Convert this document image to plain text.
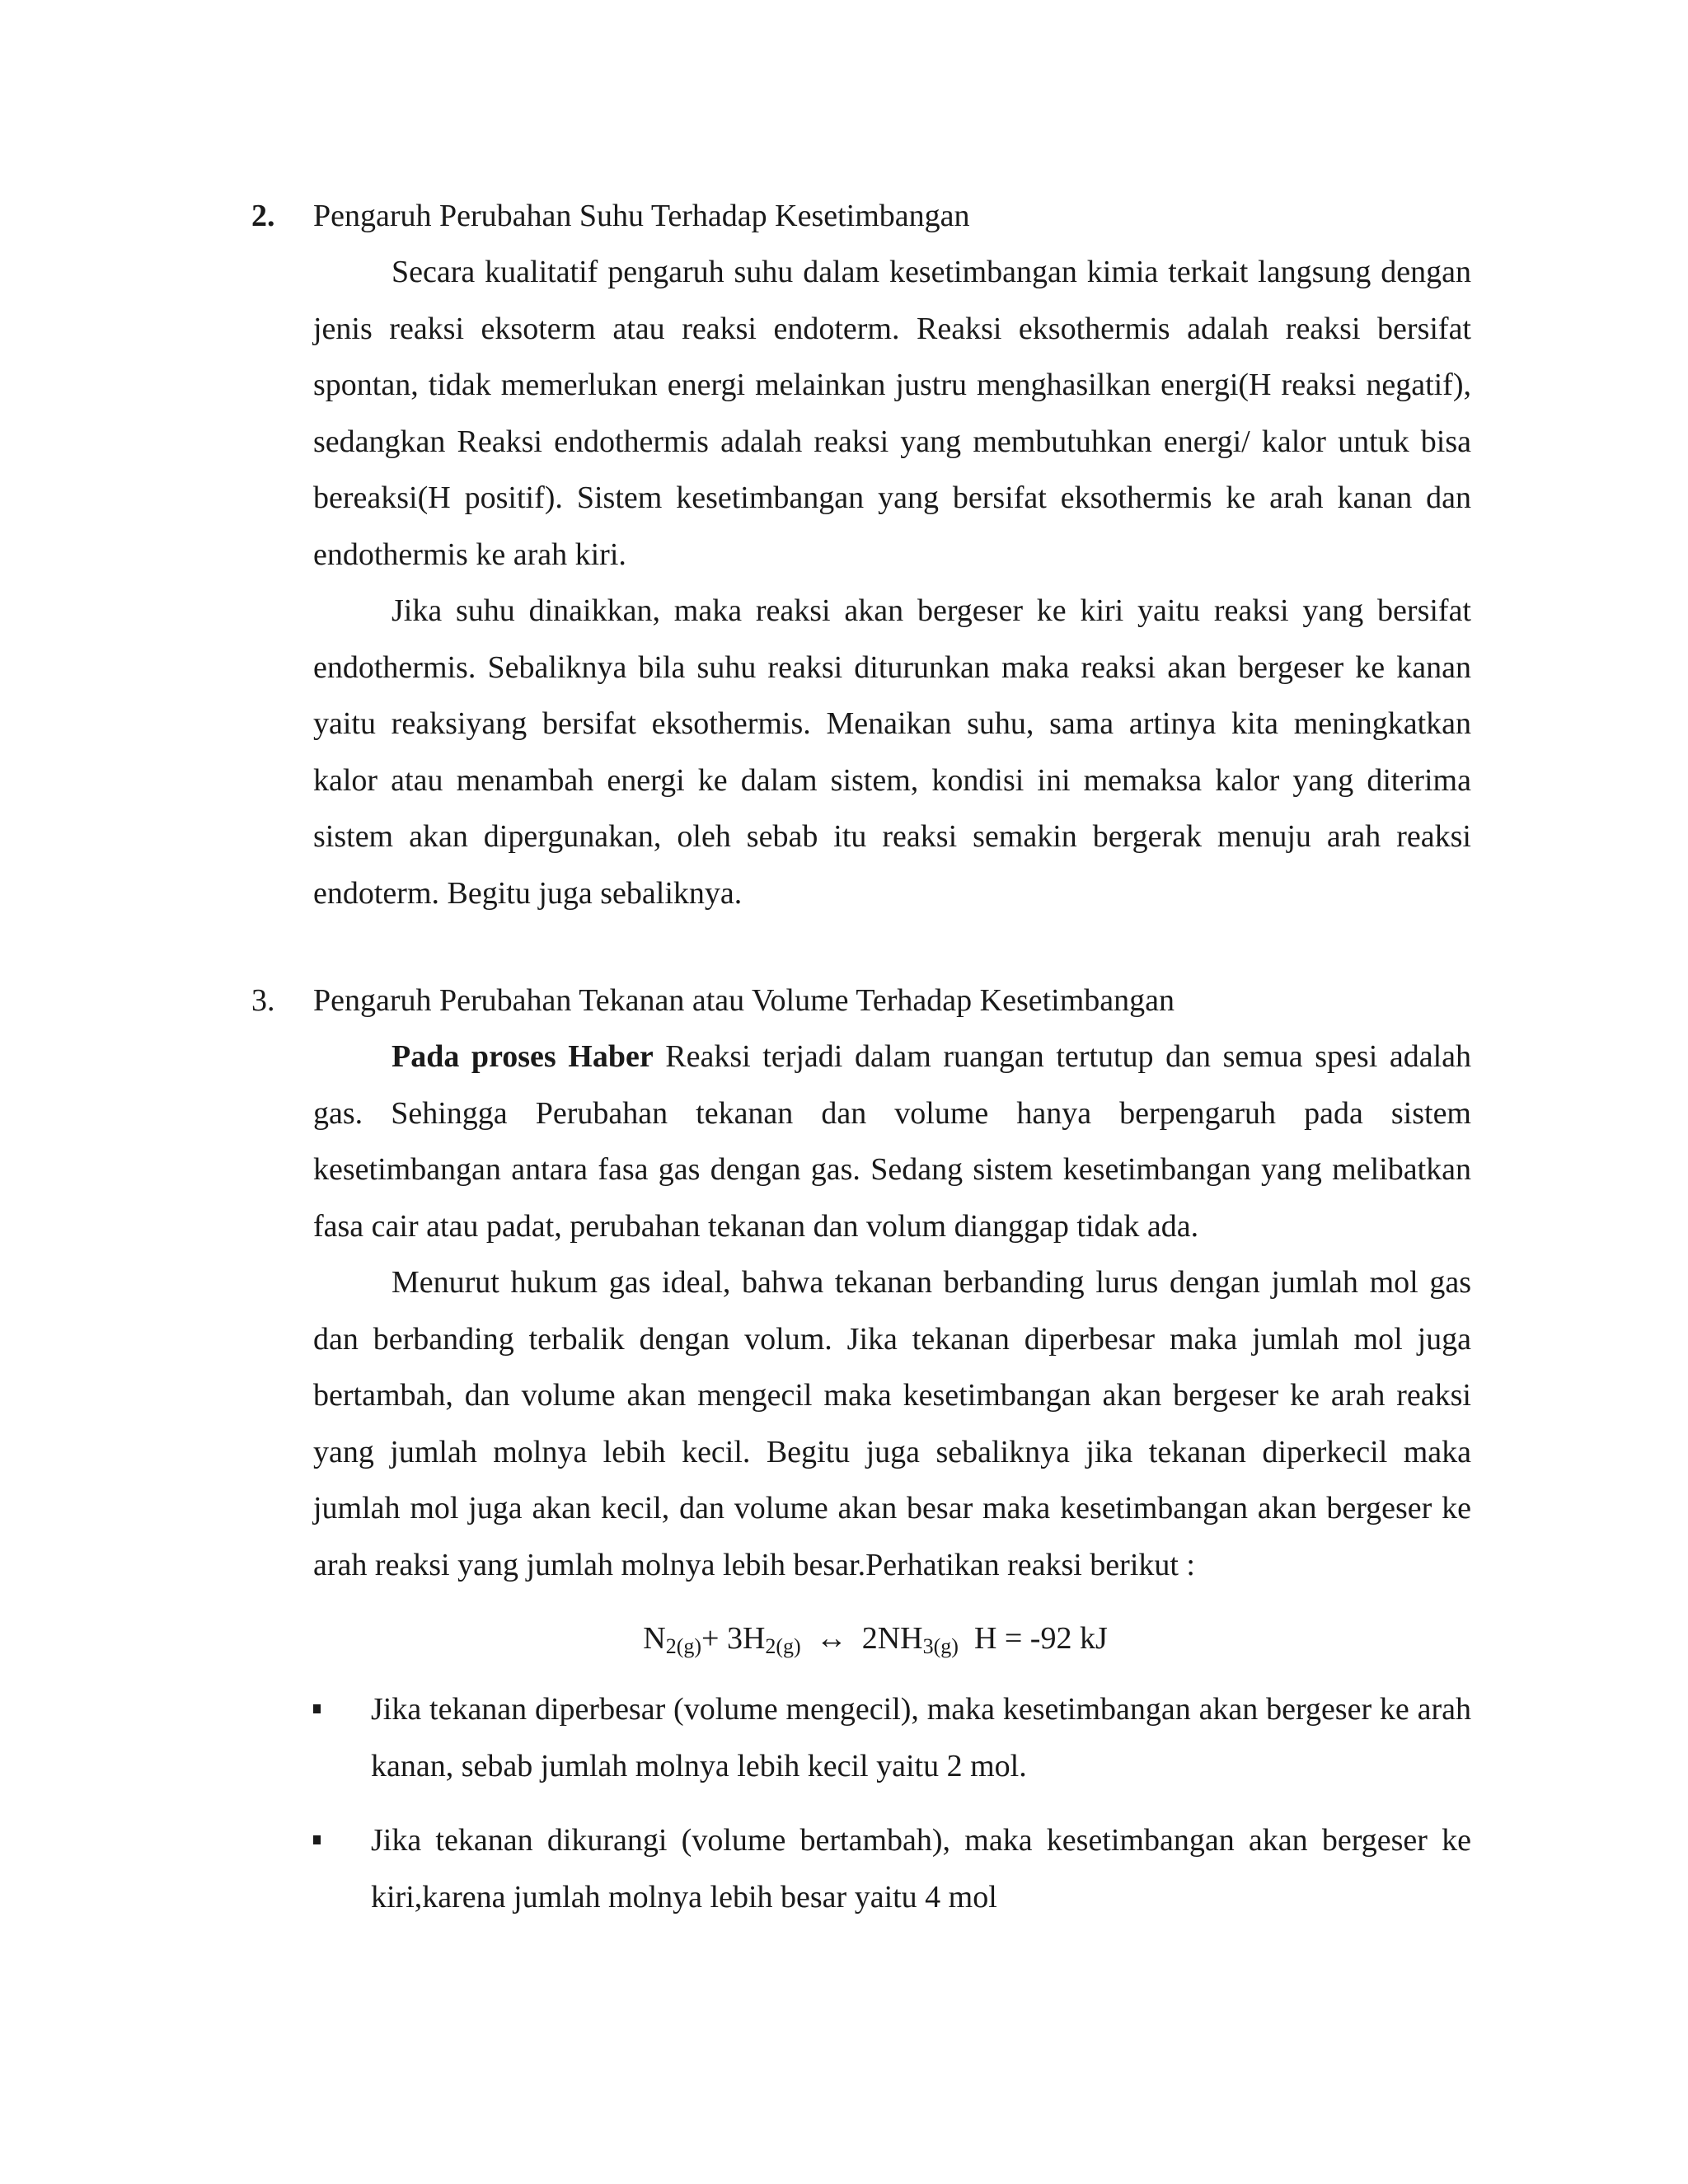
2. Pengaruh Perubahan Suhu Terhadap Kesetimbangan

Secara kualitatif pengaruh suhu dalam kesetimbangan kimia terkait langsung dengan jenis reaksi eksoterm atau reaksi endoterm. Reaksi eksothermis adalah reaksi bersifat spontan, tidak memerlukan energi melainkan justru menghasilkan energi(H reaksi negatif), sedangkan Reaksi endothermis adalah reaksi yang membutuhkan energi/ kalor untuk bisa bereaksi(H positif). Sistem kesetimbangan yang bersifat eksothermis ke arah kanan dan endothermis ke arah kiri.

Jika suhu dinaikkan, maka reaksi akan bergeser ke kiri yaitu reaksi yang bersifat endothermis. Sebaliknya bila suhu reaksi diturunkan maka reaksi akan bergeser ke kanan yaitu reaksiyang bersifat eksothermis. Menaikan suhu, sama artinya kita meningkatkan kalor atau menambah energi ke dalam sistem, kondisi ini memaksa kalor yang diterima sistem akan dipergunakan, oleh sebab itu reaksi semakin bergerak menuju arah reaksi endoterm. Begitu juga sebaliknya.

3. Pengaruh Perubahan Tekanan atau Volume Terhadap Kesetimbangan

Pada proses Haber Reaksi terjadi dalam ruangan tertutup dan semua spesi adalah gas. Sehingga Perubahan tekanan dan volume hanya berpengaruh pada sistem kesetimbangan antara fasa gas dengan gas. Sedang sistem kesetimbangan yang melibatkan fasa cair atau padat, perubahan tekanan dan volum dianggap tidak ada.

Menurut hukum gas ideal, bahwa tekanan berbanding lurus dengan jumlah mol gas dan berbanding terbalik dengan volum. Jika tekanan diperbesar maka jumlah mol juga bertambah, dan volume akan mengecil maka kesetimbangan akan bergeser ke arah reaksi yang jumlah molnya lebih kecil. Begitu juga sebaliknya jika tekanan diperkecil maka jumlah mol juga akan kecil, dan volume akan besar maka kesetimbangan akan bergeser ke arah reaksi yang jumlah molnya lebih besar.Perhatikan reaksi berikut :

$N_{2(g)}+ 3H_{2(g)}$ ↔ $2NH_{3(g)}$ H = -92 kJ
Jika tekanan diperbesar (volume mengecil), maka kesetimbangan akan bergeser ke arah kanan, sebab jumlah molnya lebih kecil yaitu 2 mol.
Jika tekanan dikurangi (volume bertambah), maka kesetimbangan akan bergeser ke kiri,karena jumlah molnya lebih besar yaitu 4 mol
